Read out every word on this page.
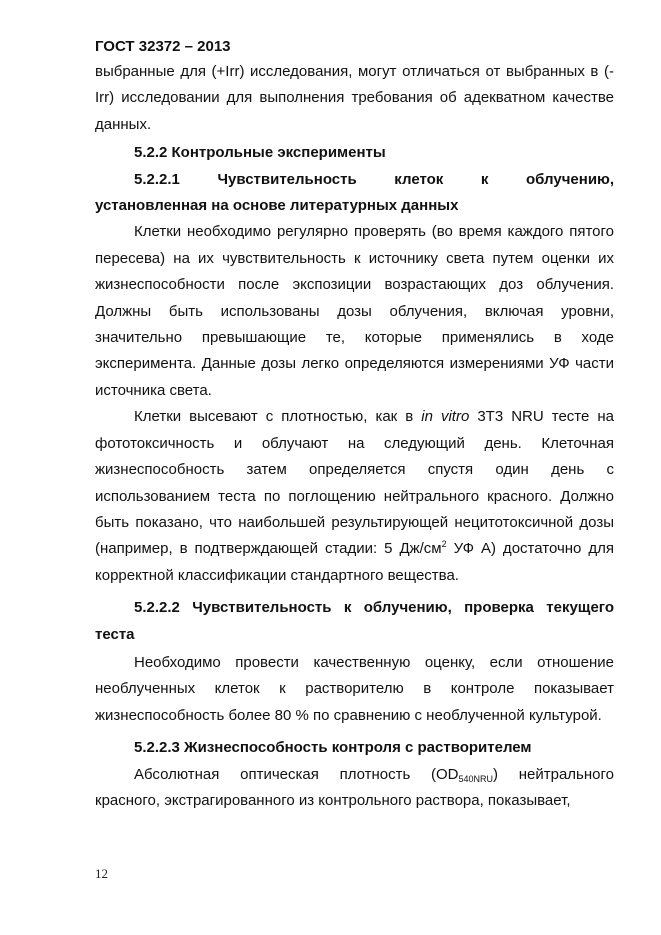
ГОСТ 32372 – 2013

выбранные для (+Irr) исследования, могут отличаться от выбранных в (-Irr) исследовании для выполнения требования об адекватном качестве данных.

5.2.2 Контрольные эксперименты

5.2.2.1	Чувствительность	клеток	к	облучению,

установленная на основе литературных данных

Клетки необходимо регулярно проверять (во время каждого пятого пересева) на их чувствительность к источнику света путем оценки их жизнеспособности после экспозиции возрастающих доз облучения. Должны быть использованы дозы облучения, включая уровни, значительно превышающие те, которые применялись в ходе эксперимента. Данные дозы легко определяются измерениями УФ части источника света.

Клетки высевают с плотностью, как в in vitro 3T3 NRU тесте на фототоксичность и облучают на следующий день. Клеточная жизнеспособность затем определяется спустя один день с использованием теста по поглощению нейтрального красного. Должно быть показано, что наибольшей результирующей нецитотоксичной дозы (например, в подтверждающей стадии: 5 $Дж/см^2$ УФ А) достаточно для корректной классификации стандартного вещества.

5.2.2.2 Чувствительность к облучению, проверка текущего теста

Необходимо провести качественную оценку, если отношение необлученных клеток к растворителю в контроле показывает жизнеспособность более 80 % по сравнению с необлученной культурой.

5.2.2.3 Жизнеспособность контроля с растворителем

Абсолютная оптическая плотность $(OD_{540NRU})$ нейтрального красного, экстрагированного из контрольного раствора, показывает,

12
